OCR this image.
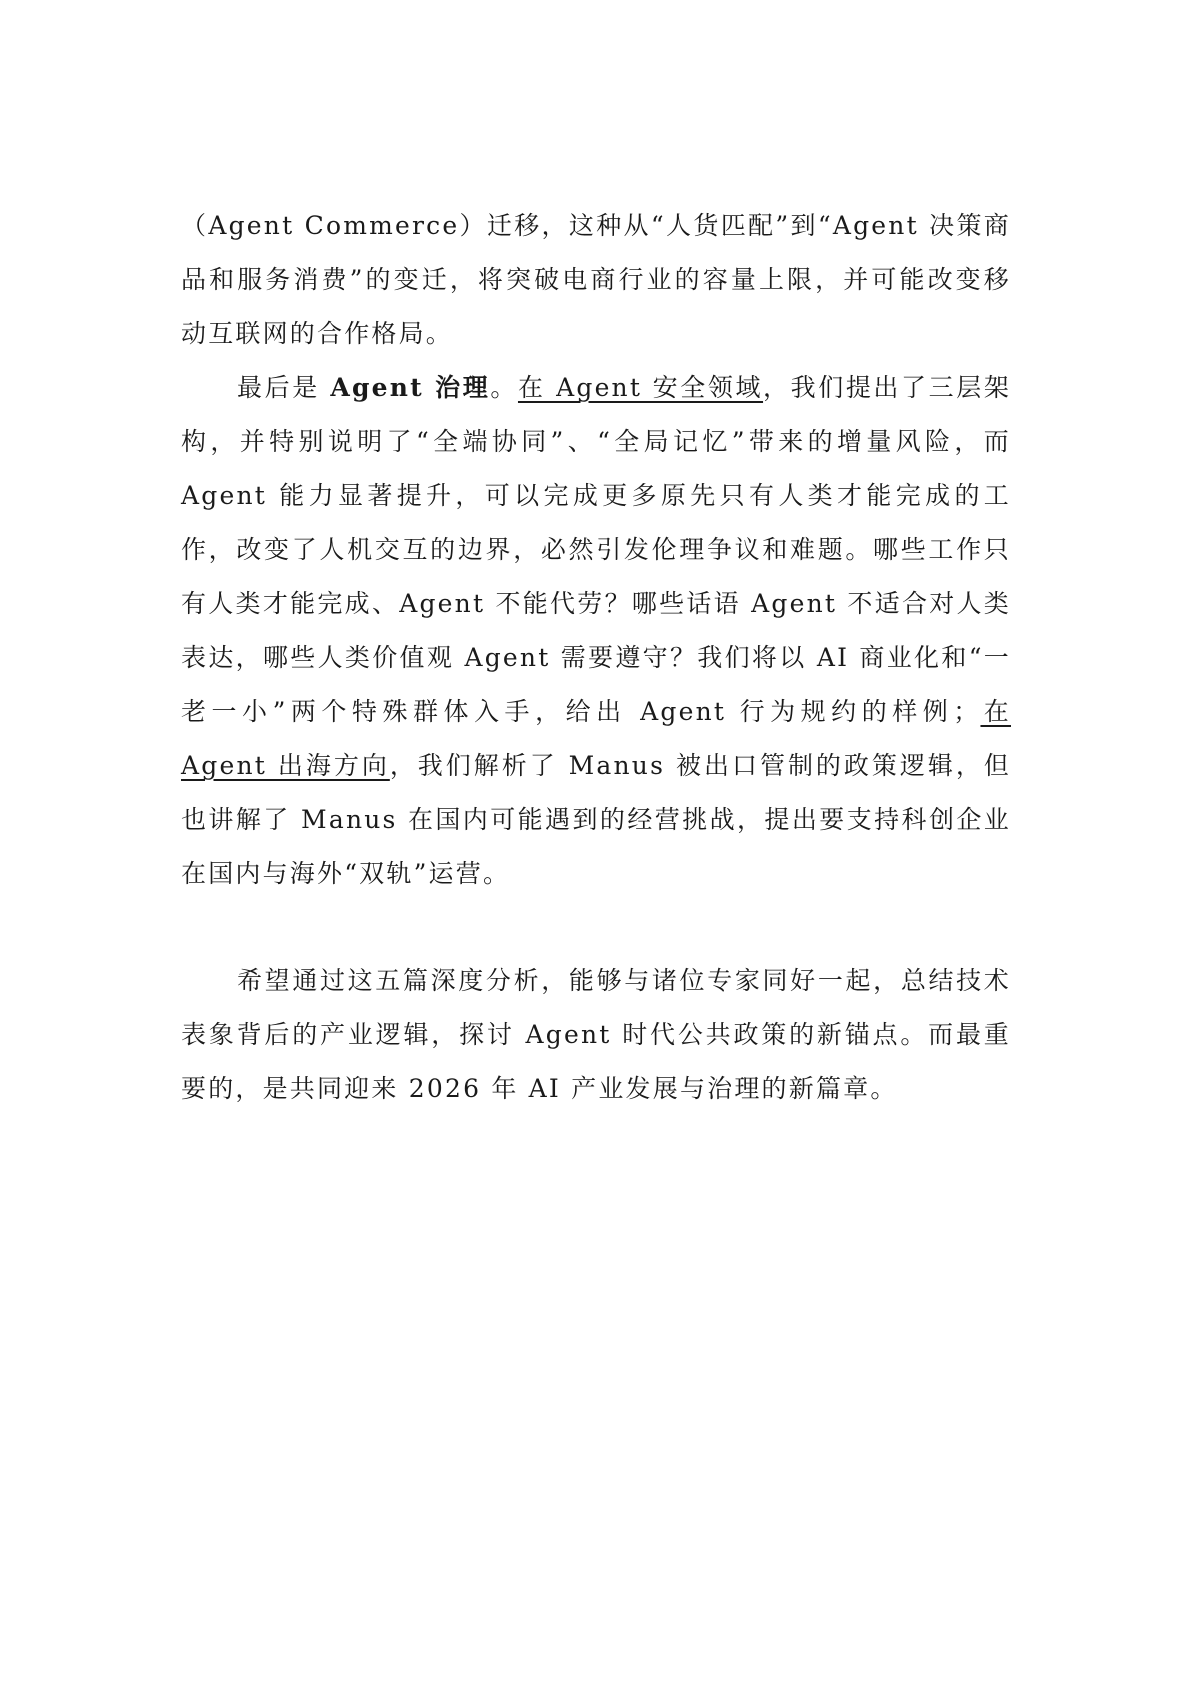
（Agent Commerce）迁移，这种从“人货匹配”到“Agent 决策商品和服务消费”的变迁，将突破电商行业的容量上限，并可能改变移动互联网的合作格局。

最后是 Agent 治理。在 Agent 安全领域，我们提出了三层架构，并特别说明了“全端协同”、“全局记忆”带来的增量风险，而 Agent 能力显著提升，可以完成更多原先只有人类才能完成的工作，改变了人机交互的边界，必然引发伦理争议和难题。哪些工作只有人类才能完成、Agent 不能代劳？哪些话语 Agent 不适合对人类表达，哪些人类价值观 Agent 需要遵守？我们将以 AI 商业化和“一老一小”两个特殊群体入手，给出 Agent 行为规约的样例；在 Agent 出海方向，我们解析了 Manus 被出口管制的政策逻辑，但也讲解了 Manus 在国内可能遇到的经营挑战，提出要支持科创企业在国内与海外“双轨”运营。

希望通过这五篇深度分析，能够与诸位专家同好一起，总结技术表象背后的产业逻辑，探讨 Agent 时代公共政策的新锚点。而最重要的，是共同迎来 2026 年 AI 产业发展与治理的新篇章。
